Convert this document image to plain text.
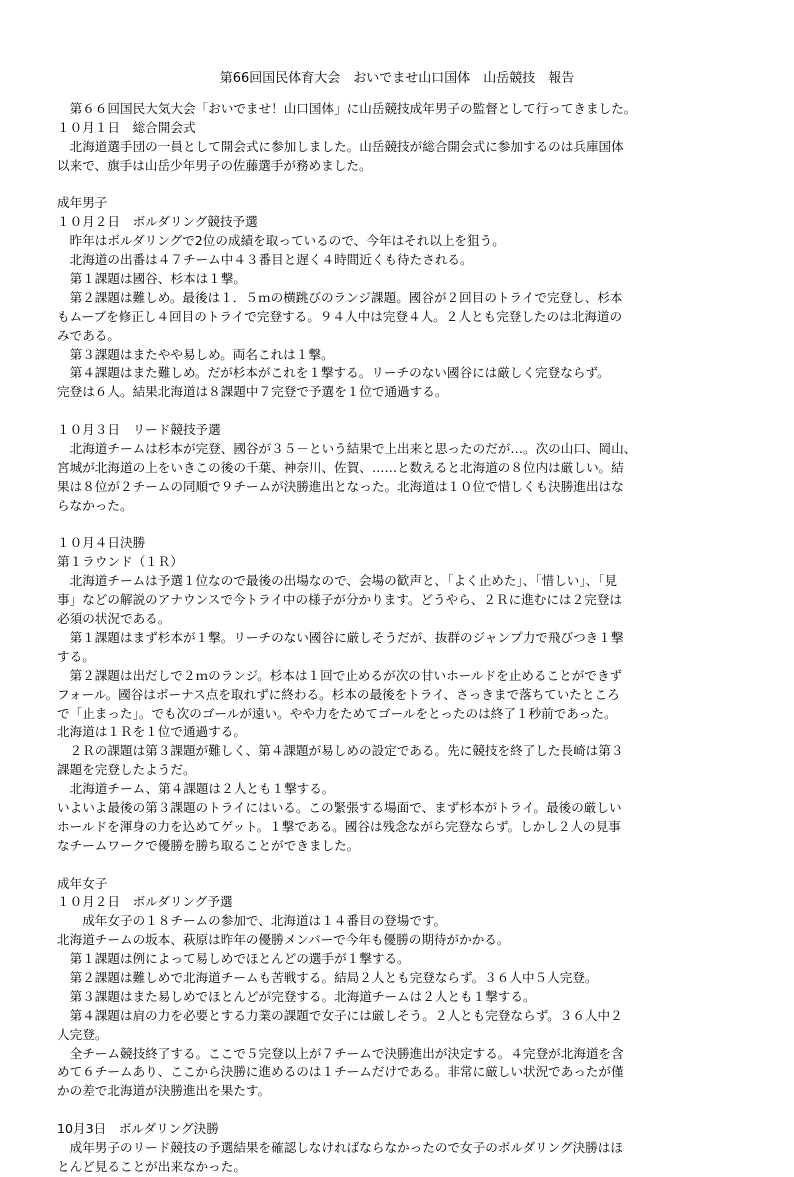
第66回国民体育大会　おいでませ山口国体　山岳競技　報告
　第６６回国民大気大会「おいでませ！山口国体」に山岳競技成年男子の監督として行ってきました。
１０月１日　総合開会式
　北海道選手団の一員として開会式に参加しました。山岳競技が総合開会式に参加するのは兵庫国体
以来で、旗手は山岳少年男子の佐藤選手が務めました。
成年男子
１０月２日　ボルダリング競技予選
　昨年はボルダリングで2位の成績を取っているので、今年はそれ以上を狙う。
　北海道の出番は４７チーム中４３番目と遅く４時間近くも待たされる。
　第１課題は國谷、杉本は１撃。
　第２課題は難しめ。最後は１．５ｍの横跳びのランジ課題。國谷が２回目のトライで完登し、杉本
もムーブを修正し４回目のトライで完登する。９４人中は完登４人。２人とも完登したのは北海道の
みである。
　第３課題はまたやや易しめ。両名これは１撃。
　第４課題はまた難しめ。だが杉本がこれを１撃する。リーチのない國谷には厳しく完登ならず。
完登は６人。結果北海道は８課題中７完登で予選を１位で通過する。
１０月３日　リード競技予選
　北海道チームは杉本が完登、國谷が３５－という結果で上出来と思ったのだが…。次の山口、岡山、
宮城が北海道の上をいきこの後の千葉、神奈川、佐賀、……と数えると北海道の８位内は厳しい。結
果は８位が２チームの同順で９チームが決勝進出となった。北海道は１０位で惜しくも決勝進出はな
らなかった。
１０月４日決勝
第１ラウンド（１Ｒ）
　北海道チームは予選１位なので最後の出場なので、会場の歓声と、「よく止めた」、「惜しい」、「見
事」などの解説のアナウンスで今トライ中の様子が分かります。どうやら、２Ｒに進むには２完登は
必須の状況である。
　第１課題はまず杉本が１撃。リーチのない國谷に厳しそうだが、抜群のジャンプ力で飛びつき１撃
する。
　第２課題は出だしで２ｍのランジ。杉本は１回で止めるが次の甘いホールドを止めることができず
フォール。國谷はボーナス点を取れずに終わる。杉本の最後をトライ、さっきまで落ちていたところ
で「止まった」。でも次のゴールが遠い。やや力をためてゴールをとったのは終了１秒前であった。
北海道は１Ｒを１位で通過する。
　２Ｒの課題は第３課題が難しく、第４課題が易しめの設定である。先に競技を終了した長崎は第３
課題を完登したようだ。
　北海道チーム、第４課題は２人とも１撃する。
いよいよ最後の第３課題のトライにはいる。この緊張する場面で、まず杉本がトライ。最後の厳しい
ホールドを渾身の力を込めてゲット。１撃である。國谷は残念ながら完登ならず。しかし２人の見事
なチームワークで優勝を勝ち取ることができました。
成年女子
１０月２日　ボルダリング予選
　　成年女子の１８チームの参加で、北海道は１４番目の登場です。
北海道チームの坂本、萩原は昨年の優勝メンバーで今年も優勝の期待がかかる。
　第１課題は例によって易しめでほとんどの選手が１撃する。
　第２課題は難しめで北海道チームも苦戦する。結局２人とも完登ならず。３６人中５人完登。
　第３課題はまた易しめでほとんどが完登する。北海道チームは２人とも１撃する。
　第４課題は肩の力を必要とする力業の課題で女子には厳しそう。２人とも完登ならず。３６人中２
人完登。
　全チーム競技終了する。ここで５完登以上が７チームで決勝進出が決定する。４完登が北海道を含
めて６チームあり、ここから決勝に進めるのは１チームだけである。非常に厳しい状況であったが僅
かの差で北海道が決勝進出を果たす。
10月3日　ボルダリング決勝
　成年男子のリード競技の予選結果を確認しなければならなかったので女子のボルダリング決勝はほ
とんど見ることが出来なかった。
